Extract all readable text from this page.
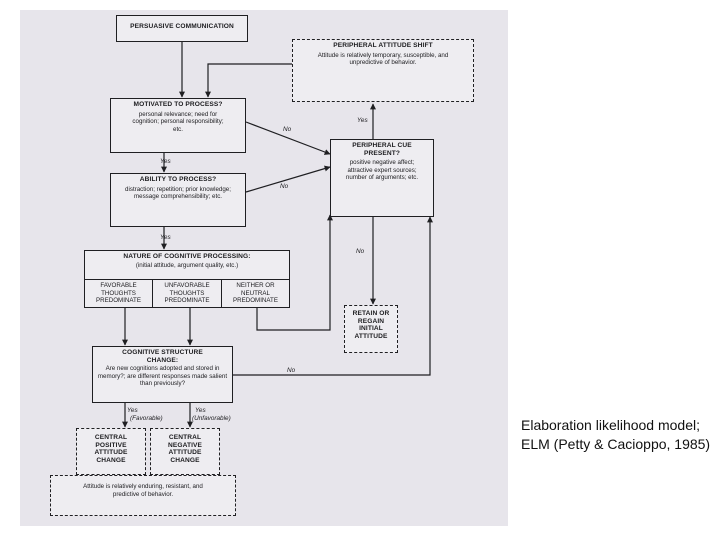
PERSUASIVE COMMUNICATION
PERIPHERAL ATTITUDE SHIFT
Attitude is relatively temporary, susceptible, and unpredictive of behavior.
MOTIVATED TO PROCESS?
personal relevance; need for cognition; personal responsibility; etc.
PERIPHERAL CUE PRESENT?
positive negative affect; attractive expert sources; number of arguments; etc.
ABILITY TO PROCESS?
distraction; repetition; prior knowledge; message comprehensibility; etc.
NATURE OF COGNITIVE PROCESSING:
(initial attitude, argument quality, etc.)
FAVORABLE THOUGHTS PREDOMINATE
UNFAVORABLE THOUGHTS PREDOMINATE
NEITHER OR NEUTRAL PREDOMINATE
RETAIN OR REGAIN INITIAL ATTITUDE
COGNITIVE STRUCTURE CHANGE:
Are new cognitions adopted and stored in memory?; are different responses made salient than previously?
CENTRAL POSITIVE ATTITUDE CHANGE
CENTRAL NEGATIVE ATTITUDE CHANGE
Attitude is relatively enduring, resistant, and predictive of behavior.
No
Yes
Yes
No
Yes
No
No
Yes
(Favorable)
Yes
(Unfavorable)	Elaboration likelihood model; ELM (Petty & Cacioppo, 1985)
